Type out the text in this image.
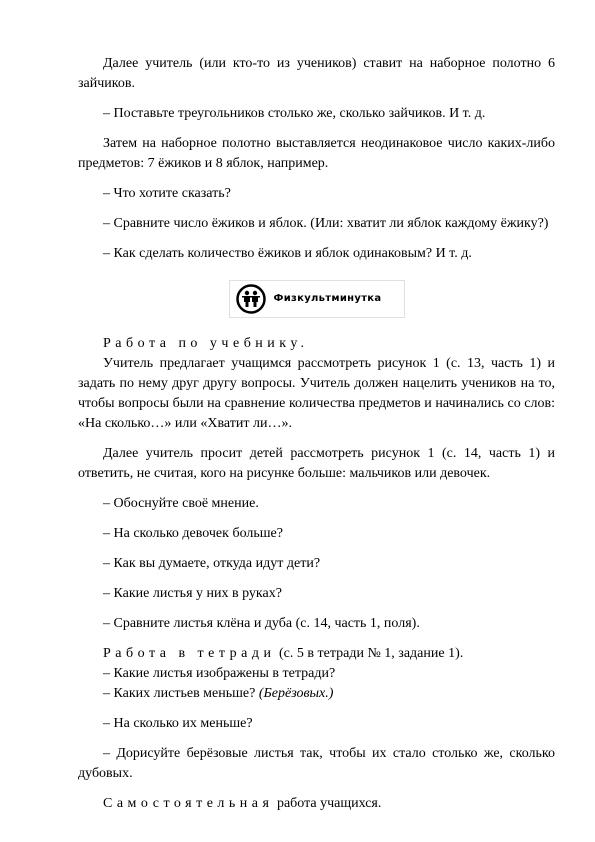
Далее учитель (или кто-то из учеников) ставит на наборное полотно 6 зайчиков.

– Поставьте треугольников столько же, сколько зайчиков. И т. д.

Затем на наборное полотно выставляется неодинаковое число каких-либо предметов: 7 ёжиков и 8 яблок, например.

– Что хотите сказать?

– Сравните число ёжиков и яблок. (Или: хватит ли яблок каждому ёжику?)

– Как сделать количество ёжиков и яблок одинаковым? И т. д.

Физкультминутка

Работа по учебнику.

Учитель предлагает учащимся рассмотреть рисунок 1 (с. 13, часть 1) и задать по нему друг другу вопросы. Учитель должен нацелить учеников на то, чтобы вопросы были на сравнение количества предметов и начинались со слов: «На сколько…» или «Хватит ли…».

Далее учитель просит детей рассмотреть рисунок 1 (с. 14, часть 1) и ответить, не считая, кого на рисунке больше: мальчиков или девочек.

– Обоснуйте своё мнение.

– На сколько девочек больше?

– Как вы думаете, откуда идут дети?

– Какие листья у них в руках?

– Сравните листья клёна и дуба (с. 14, часть 1, поля).

Работа в тетради (с. 5 в тетради № 1, задание 1).

– Какие листья изображены в тетради?

– Каких листьев меньше? (Берёзовых.)

– На сколько их меньше?

– Дорисуйте берёзовые листья так, чтобы их стало столько же, сколько дубовых.

Самостоятельная работа учащихся.
